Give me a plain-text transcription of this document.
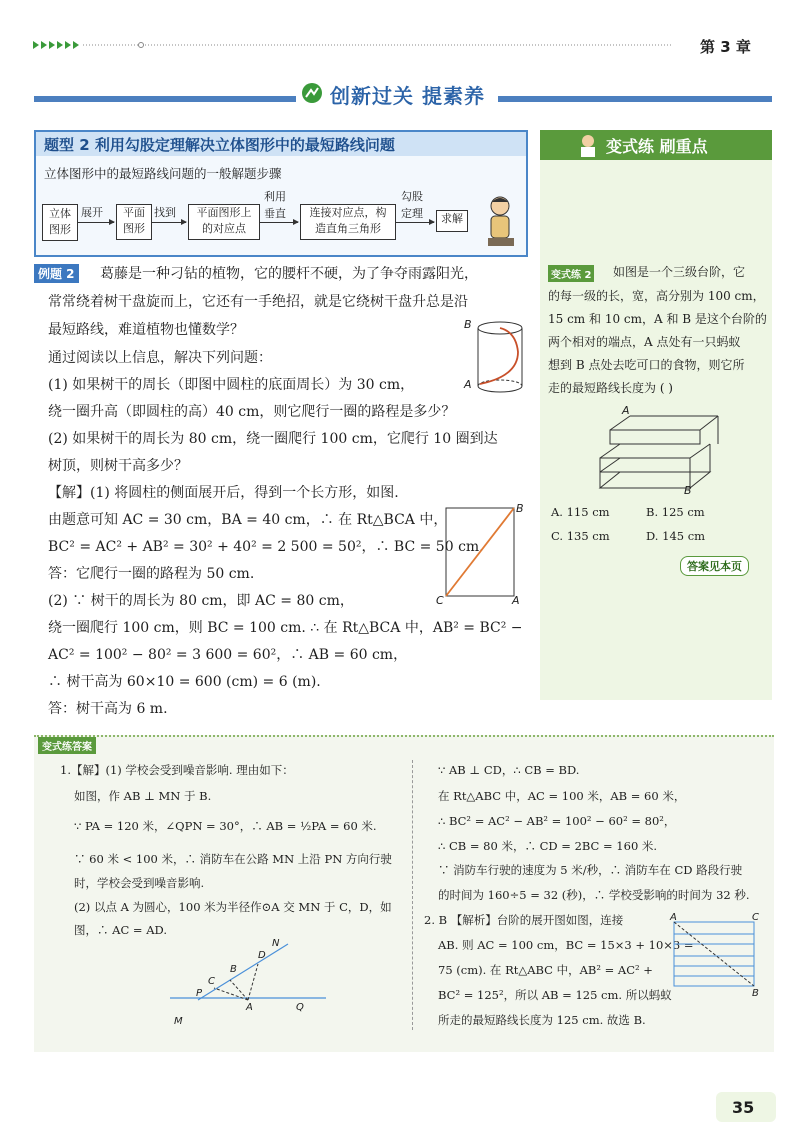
第 3 章
创新过关 提素养
题型 2 利用勾股定理解决立体图形中的最短路线问题
立体图形中的最短路线问题的一般解题步骤
立体
图形
展开	平面
图形
找到	平面图形上
的对应点
利用
垂直	连接对应点，构
造直角三角形
勾股
定理	求解
例题 2 葛藤是一种刁钻的植物，它的腰杆不硬，为了争夺雨露阳光，
常常绕着树干盘旋而上，它还有一手绝招，就是它绕树干盘升总是沿
最短路线，难道植物也懂数学？
通过阅读以上信息，解决下列问题：
(1) 如果树干的周长（即图中圆柱的底面周长）为 30 cm，
绕一圈升高（即圆柱的高）40 cm，则它爬行一圈的路程是多少？
(2) 如果树干的周长为 80 cm，绕一圈爬行 100 cm，它爬行 10 圈到达
树顶，则树干高多少？
【解】(1) 将圆柱的侧面展开后，得到一个长方形，如图.
由题意可知 AC = 30 cm，BA = 40 cm，∴ 在 Rt△BCA 中，
BC² = AC² + AB² = 30² + 40² = 2 500 = 50²，∴ BC = 50 cm.
答：它爬行一圈的路程为 50 cm.
(2) ∵ 树干的周长为 80 cm，即 AC = 80 cm，
绕一圈爬行 100 cm，则 BC = 100 cm. ∴ 在 Rt△BCA 中，AB² = BC² −
AC² = 100² − 80² = 3 600 = 60²，∴ AB = 60 cm，
∴ 树干高为 60×10 = 600 (cm) = 6 (m).
答：树干高为 6 m.
B
A
B
C	A
变式练 刷重点
变式练 2 如图是一个三级台阶，它
的每一级的长，宽，高分别为 100 cm，
15 cm 和 10 cm，A 和 B 是这个台阶的
两个相对的端点，A 点处有一只蚂蚁
想到 B 点处去吃可口的食物，则它所
走的最短路线长度为 ( )
A
B
A. 115 cm	B. 125 cm
C. 135 cm	D. 145 cm
答案见本页
变式练答案
1.【解】(1) 学校会受到噪音影响. 理由如下：
如图，作 AB ⊥ MN 于 B.
∵ PA = 120 米，∠QPN = 30°，∴ AB = ½PA = 60 米.
∵ 60 米 < 100 米，∴ 消防车在公路 MN 上沿 PN 方向行驶
时，学校会受到噪音影响.
(2) 以点 A 为圆心，100 米为半径作⊙A 交 MN 于 C，D，如
图，∴ AC = AD.
N
D
B
C
P
A
M
Q
∵ AB ⊥ CD，∴ CB = BD.
在 Rt△ABC 中，AC = 100 米，AB = 60 米，
∴ BC² = AC² − AB² = 100² − 60² = 80²，
∴ CB = 80 米，∴ CD = 2BC = 160 米.
∵ 消防车行驶的速度为 5 米/秒，∴ 消防车在 CD 路段行驶
的时间为 160÷5 = 32 (秒)，∴ 学校受影响的时间为 32 秒.
2. B 【解析】台阶的展开图如图，连接
AB. 则 AC = 100 cm，BC = 15×3 + 10×3 =
75 (cm). 在 Rt△ABC 中，AB² = AC² +
BC² = 125²，所以 AB = 125 cm. 所以蚂蚁
所走的最短路线长度为 125 cm. 故选 B.
A	C
B
35
